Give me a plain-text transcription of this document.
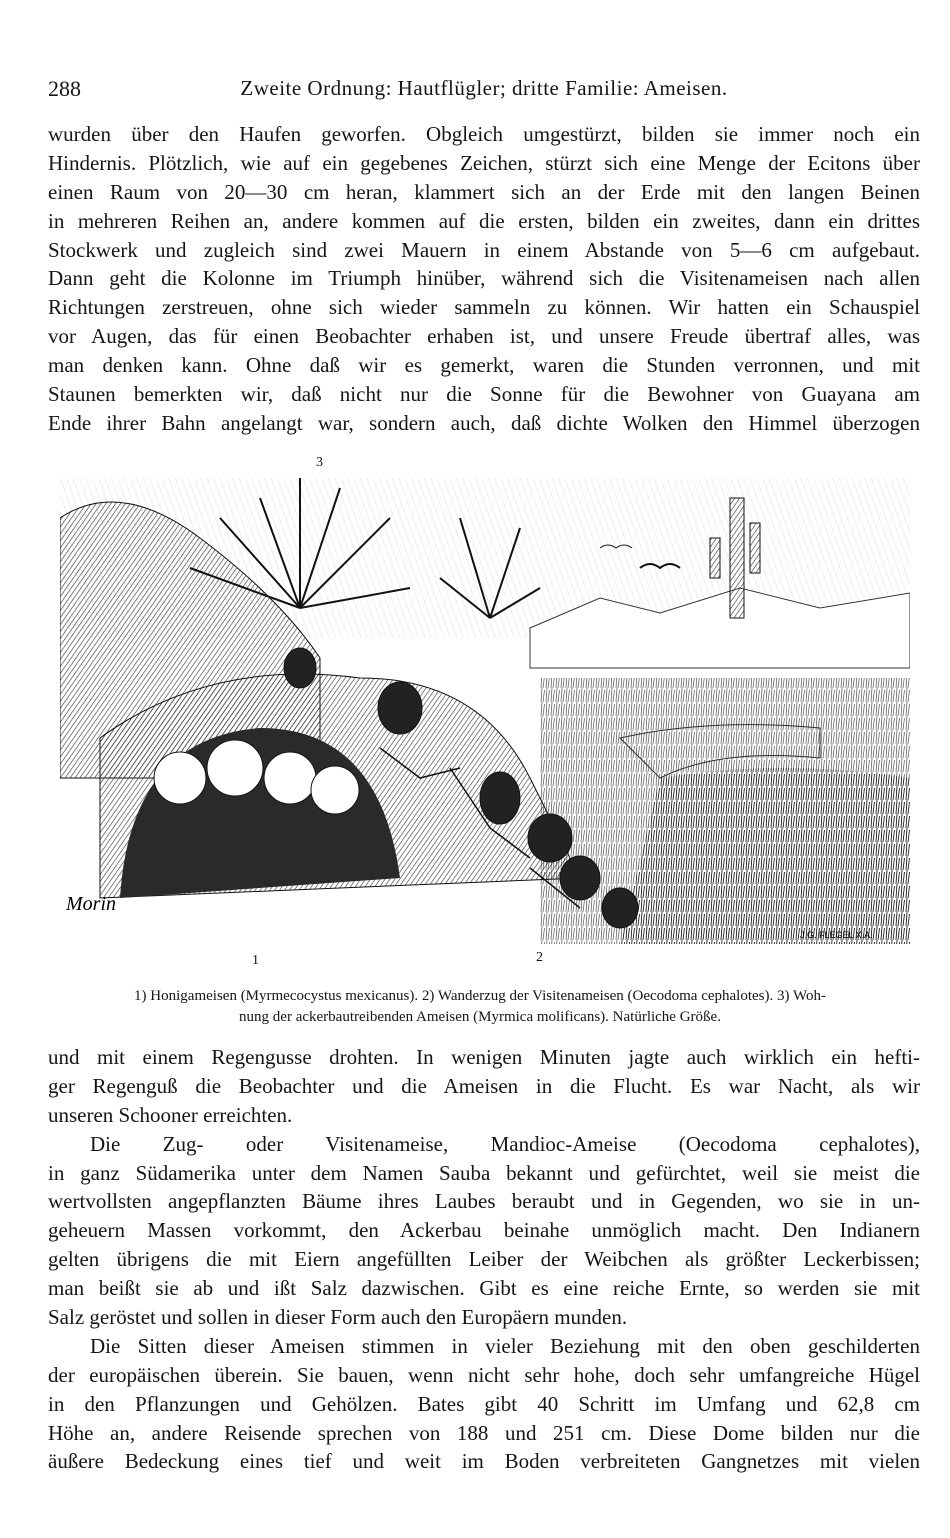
288	Zweite Ordnung: Hautflügler; dritte Familie: Ameisen.
wurden über den Haufen geworfen. Obgleich umgestürzt, bilden sie immer noch ein
Hindernis. Plötzlich, wie auf ein gegebenes Zeichen, stürzt sich eine Menge der Ecitons über
einen Raum von 20—30 cm heran, klammert sich an der Erde mit den langen Beinen
in mehreren Reihen an, andere kommen auf die ersten, bilden ein zweites, dann ein drittes
Stockwerk und zugleich sind zwei Mauern in einem Abstande von 5—6 cm aufgebaut.
Dann geht die Kolonne im Triumph hinüber, während sich die Visitenameisen nach allen
Richtungen zerstreuen, ohne sich wieder sammeln zu können. Wir hatten ein Schauspiel
vor Augen, das für einen Beobachter erhaben ist, und unsere Freude übertraf alles, was
man denken kann. Ohne daß wir es gemerkt, waren die Stunden verronnen, und mit
Staunen bemerkten wir, daß nicht nur die Sonne für die Bewohner von Guayana am
Ende ihrer Bahn angelangt war, sondern auch, daß dichte Wolken den Himmel überzogen
3
Morin
J.G. FLEGEL X.A.
1	2
1) Honigameisen (Myrmecocystus mexicanus). 2) Wanderzug der Visitenameisen (Oecodoma cephalotes). 3) Woh-
nung der ackerbautreibenden Ameisen (Myrmica molificans). Natürliche Größe.
und mit einem Regengusse drohten. In wenigen Minuten jagte auch wirklich ein hefti-
ger Regenguß die Beobachter und die Ameisen in die Flucht. Es war Nacht, als wir
unseren Schooner erreichten.
Die Zug- oder Visitenameise, Mandioc-Ameise (Oecodoma cephalotes),
in ganz Südamerika unter dem Namen Sauba bekannt und gefürchtet, weil sie meist die
wertvollsten angepflanzten Bäume ihres Laubes beraubt und in Gegenden, wo sie in un-
geheuern Massen vorkommt, den Ackerbau beinahe unmöglich macht. Den Indianern
gelten übrigens die mit Eiern angefüllten Leiber der Weibchen als größter Leckerbissen;
man beißt sie ab und ißt Salz dazwischen. Gibt es eine reiche Ernte, so werden sie mit
Salz geröstet und sollen in dieser Form auch den Europäern munden.
Die Sitten dieser Ameisen stimmen in vieler Beziehung mit den oben geschilderten
der europäischen überein. Sie bauen, wenn nicht sehr hohe, doch sehr umfangreiche Hügel
in den Pflanzungen und Gehölzen. Bates gibt 40 Schritt im Umfang und 62,8 cm
Höhe an, andere Reisende sprechen von 188 und 251 cm. Diese Dome bilden nur die
äußere Bedeckung eines tief und weit im Boden verbreiteten Gangnetzes mit vielen
